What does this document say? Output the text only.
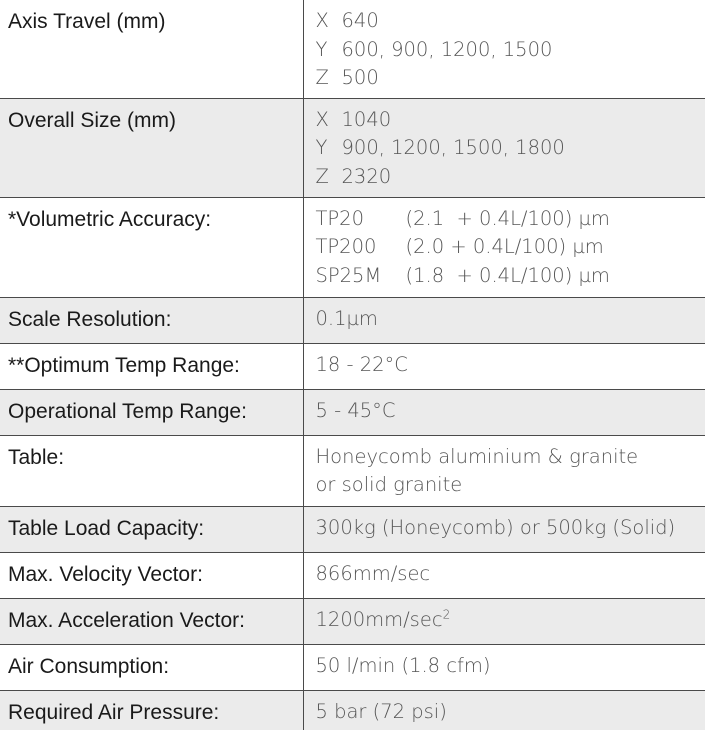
Axis Travel (mm)	X 640
Y 600, 900, 1200, 1500
Z 500

Overall Size (mm)	X 1040
Y 900, 1200, 1500, 1800
Z 2320

*Volumetric Accuracy:	TP20 (2.1  + 0.4L/100) µm
TP200 (2.0 + 0.4L/100) µm
SP25M (1.8  + 0.4L/100) µm

Scale Resolution:	0.1µm
**Optimum Temp Range:	18 - 22°C
Operational Temp Range:	5 - 45°C
Table:	Honeycomb aluminium & granite
or solid granite

Table Load Capacity:	300kg (Honeycomb) or 500kg (Solid)
Max. Velocity Vector:	866mm/sec
Max. Acceleration Vector:	$1200mm/\sec^2$
Air Consumption:	50 l/min (1.8 cfm)
Required Air Pressure:	5 bar (72 psi)
